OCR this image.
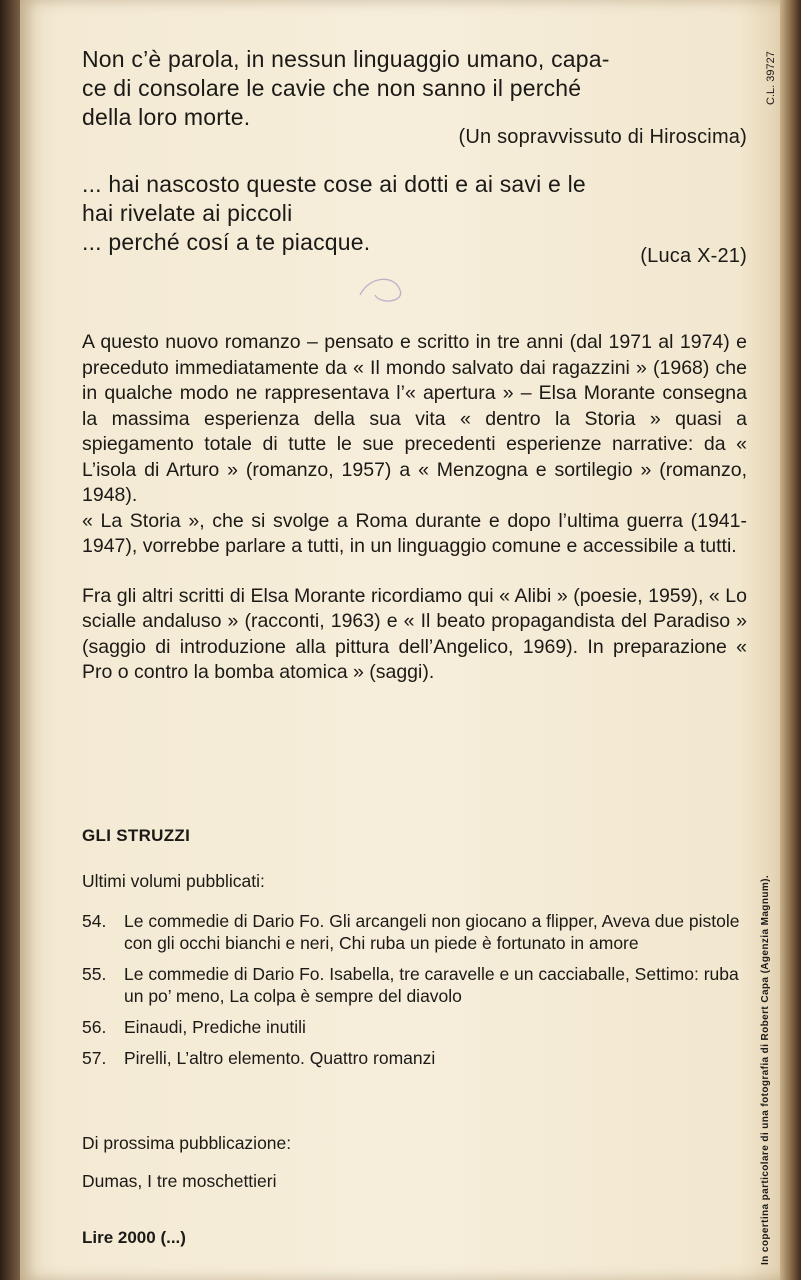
Non c’è parola, in nessun linguaggio umano, capa-
ce di consolare le cavie che non sanno il perché
della loro morte.
(Un sopravvissuto di Hiroscima)
... hai nascosto queste cose ai dotti e ai savi e le
hai rivelate ai piccoli
... perché cosí a te piacque.
(Luca X-21)

A questo nuovo romanzo – pensato e scritto in tre anni (dal 1971 al 1974) e preceduto immediatamente da « Il mondo salvato dai ragazzini » (1968) che in qualche modo ne rappresentava l’« apertura » – Elsa Morante consegna la massima esperienza della sua vita « dentro la Storia » quasi a spiegamento totale di tutte le sue precedenti esperienze narrative: da « L’isola di Arturo » (romanzo, 1957) a « Menzogna e sortilegio » (romanzo, 1948).

« La Storia », che si svolge a Roma durante e dopo l’ultima guerra (1941-1947), vorrebbe parlare a tutti, in un linguaggio comune e accessibile a tutti.

Fra gli altri scritti di Elsa Morante ricordiamo qui « Alibi » (poesie, 1959), « Lo scialle andaluso » (racconti, 1963) e « Il beato propagandista del Paradiso » (saggio di introduzione alla pittura dell’Angelico, 1969). In preparazione « Pro o contro la bomba atomica » (saggi).

GLI STRUZZI
Ultimi volumi pubblicati:
54. Le commedie di Dario Fo. Gli arcangeli non giocano a flipper, Aveva due pistole con gli occhi bianchi e neri, Chi ruba un piede è fortunato in amore
55. Le commedie di Dario Fo. Isabella, tre caravelle e un cacciaballe, Settimo: ruba un po’ meno, La colpa è sempre del diavolo
56. Einaudi, Prediche inutili
57. Pirelli, L’altro elemento. Quattro romanzi
Di prossima pubblicazione:
Dumas, I tre moschettieri
Lire 2000 (...)
C.L. 39727
In copertina particolare di una fotografia di Robert Capa (Agenzia Magnum).
